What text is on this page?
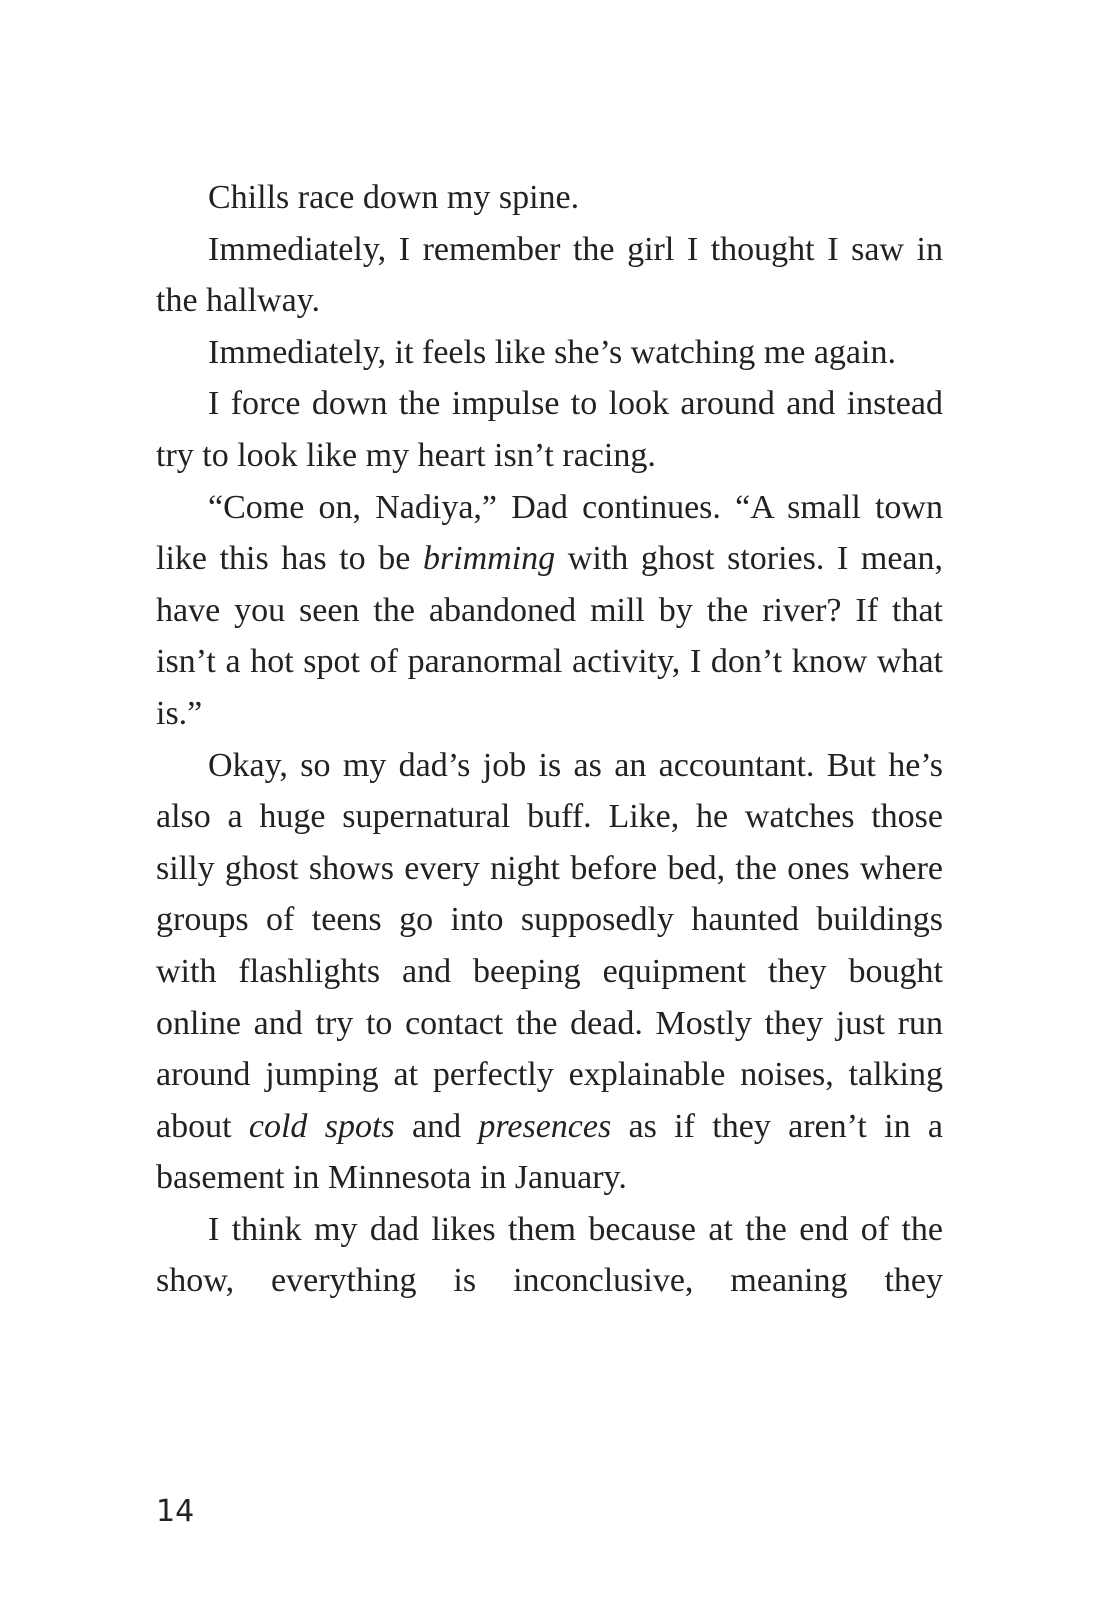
Chills race down my spine.

Immediately, I remember the girl I thought I saw in the hallway.

Immediately, it feels like she’s watching me again.

I force down the impulse to look around and instead try to look like my heart isn’t racing.

“Come on, Nadiya,” Dad continues. “A small town like this has to be brimming with ghost stories. I mean, have you seen the abandoned mill by the river? If that isn’t a hot spot of paranormal activity, I don’t know what is.”

Okay, so my dad’s job is as an accountant. But he’s also a huge supernatural buff. Like, he watches those silly ghost shows every night before bed, the ones where groups of teens go into supposedly haunted buildings with flashlights and beeping equipment they bought online and try to contact the dead. Mostly they just run around jumping at perfectly explainable noises, talking about cold spots and presences as if they aren’t in a basement in Minnesota in January.

I think my dad likes them because at the end of the show, everything is inconclusive, meaning they

14
